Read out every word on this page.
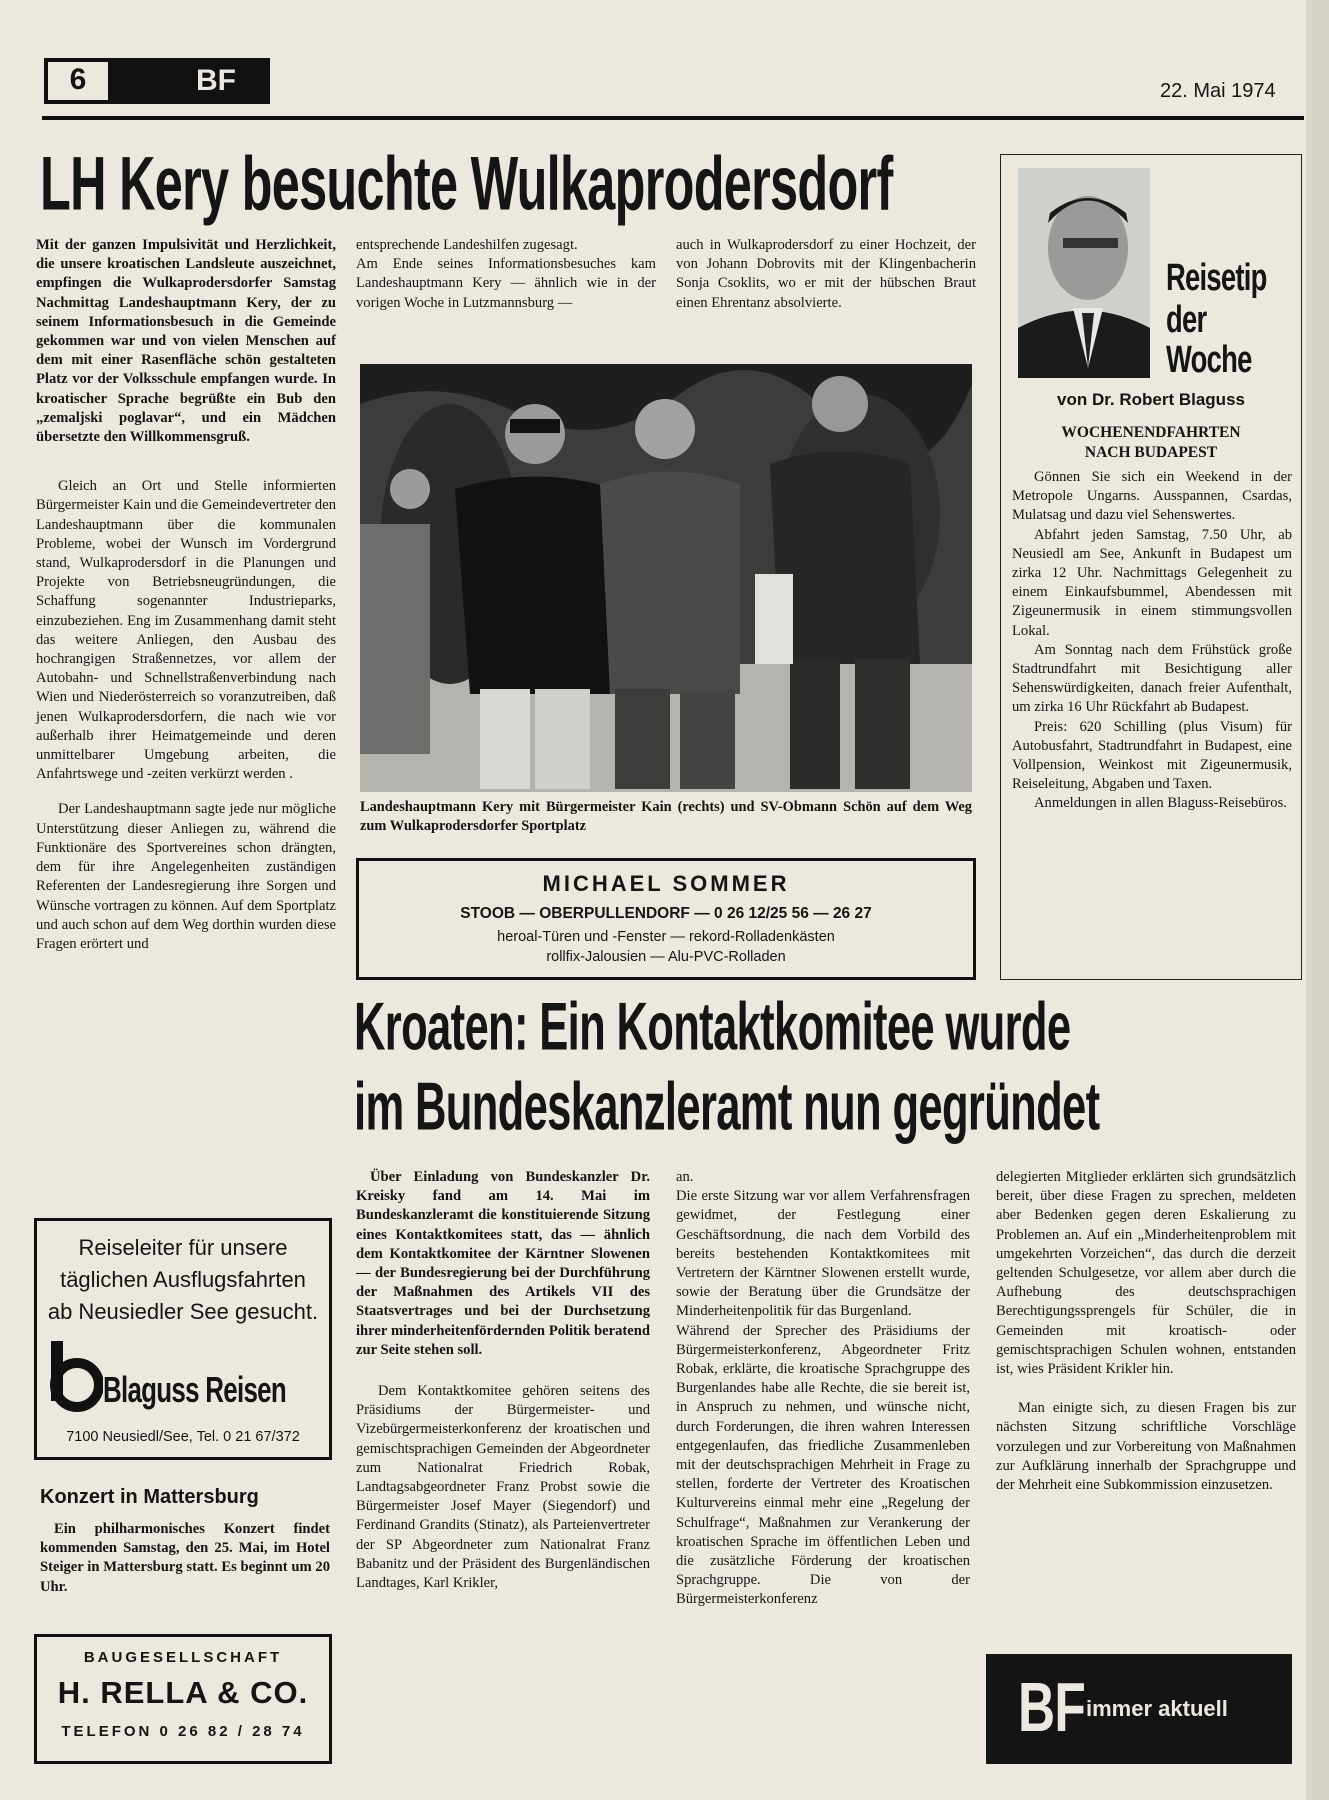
6	BF	22. Mai 1974
LH Kery besuchte Wulkaprodersdorf

Mit der ganzen Impulsivität und Herzlichkeit, die unsere kroatischen Landsleute auszeichnet, empfingen die Wulkaprodersdorfer Samstag Nachmittag Landeshauptmann Kery, der zu seinem Informationsbesuch in die Gemeinde gekommen war und von vielen Menschen auf dem mit einer Rasenfläche schön gestalteten Platz vor der Volksschule empfangen wurde. In kroatischer Sprache begrüßte ein Bub den „zemaljski poglavar“, und ein Mädchen übersetzte den Willkommensgruß.

Gleich an Ort und Stelle informierten Bürgermeister Kain und die Gemeindevertreter den Landeshauptmann über die kommunalen Probleme, wobei der Wunsch im Vordergrund stand, Wulkaprodersdorf in die Planungen und Projekte von Betriebsneugründungen, die Schaffung sogenannter Industrieparks, einzubeziehen. Eng im Zusammenhang damit steht das weitere Anliegen, den Ausbau des hochrangigen Straßennetzes, vor allem der Autobahn- und Schnellstraßenverbindung nach Wien und Niederösterreich so voranzutreiben, daß jenen Wulkaprodersdorfern, die nach wie vor außerhalb ihrer Heimatgemeinde und deren unmittelbarer Umgebung arbeiten, die Anfahrtswege und -zeiten verkürzt werden .

Der Landeshauptmann sagte jede nur mögliche Unterstützung dieser Anliegen zu, während die Funktionäre des Sportvereines schon drängten, dem für ihre Angelegenheiten zuständigen Referenten der Landesregierung ihre Sorgen und Wünsche vortragen zu können. Auf dem Sportplatz und auch schon auf dem Weg dorthin wurden diese Fragen erörtert und

entsprechende Landeshilfen zugesagt.
Am Ende seines Informationsbesuches kam Landeshauptmann Kery — ähnlich wie in der vorigen Woche in Lutzmannsburg —
auch in Wulkaprodersdorf zu einer Hochzeit, der von Johann Dobrovits mit der Klingenbacherin Sonja Csoklits, wo er mit der hübschen Braut einen Ehrentanz absolvierte.
Landeshauptmann Kery mit Bürgermeister Kain (rechts) und SV-Obmann Schön auf dem Weg zum Wulkaprodersdorfer Sportplatz
MICHAEL SOMMER
STOOB — OBERPULLENDORF — 0 26 12/25 56 — 26 27
heroal-Türen und -Fenster — rekord-Rolladenkästen
rollfix-Jalousien — Alu-PVC-Rolladen
Reisetip
der
Woche
von Dr. Robert Blaguss
WOCHENENDFAHRTEN
NACH BUDAPEST

Gönnen Sie sich ein Weekend in der Metropole Ungarns. Ausspannen, Csardas, Mulatsag und dazu viel Sehenswertes.

Abfahrt jeden Samstag, 7.50 Uhr, ab Neusiedl am See, Ankunft in Budapest um zirka 12 Uhr. Nachmittags Gelegenheit zu einem Einkaufsbummel, Abendessen mit Zigeunermusik in einem stimmungsvollen Lokal.

Am Sonntag nach dem Frühstück große Stadtrundfahrt mit Besichtigung aller Sehenswürdigkeiten, danach freier Aufenthalt, um zirka 16 Uhr Rückfahrt ab Budapest.

Preis: 620 Schilling (plus Visum) für Autobusfahrt, Stadtrundfahrt in Budapest, eine Vollpension, Weinkost mit Zigeunermusik, Reiseleitung, Abgaben und Taxen.

Anmeldungen in allen Blaguss-Reisebüros.

Kroaten: Ein Kontaktkomitee wurde
im Bundeskanzleramt nun gegründet

Über Einladung von Bundeskanzler Dr. Kreisky fand am 14. Mai im Bundeskanzleramt die konstituierende Sitzung eines Kontaktkomitees statt, das — ähnlich dem Kontaktkomitee der Kärntner Slowenen — der Bundesregierung bei der Durchführung der Maßnahmen des Artikels VII des Staatsvertrages und bei der Durchsetzung ihrer minderheitenfördernden Politik beratend zur Seite stehen soll.

Dem Kontaktkomitee gehören seitens des Präsidiums der Bürgermeister- und Vizebürgermeisterkonferenz der kroatischen und gemischtsprachigen Gemeinden der Abgeordneter zum Nationalrat Friedrich Robak, Landtagsabgeordneter Franz Probst sowie die Bürgermeister Josef Mayer (Siegendorf) und Ferdinand Grandits (Stinatz), als Parteienvertreter der SP Abgeordneter zum Nationalrat Franz Babanitz und der Präsident des Burgenländischen Landtages, Karl Krikler,

an.
Die erste Sitzung war vor allem Verfahrensfragen gewidmet, der Festlegung einer Geschäftsordnung, die nach dem Vorbild des bereits bestehenden Kontaktkomitees mit Vertretern der Kärntner Slowenen erstellt wurde, sowie der Beratung über die Grundsätze der Minderheitenpolitik für das Burgenland.
Während der Sprecher des Präsidiums der Bürgermeisterkonferenz, Abgeordneter Fritz Robak, erklärte, die kroatische Sprachgruppe des Burgenlandes habe alle Rechte, die sie bereit ist, in Anspruch zu nehmen, und wünsche nicht, durch Forderungen, die ihren wahren Interessen entgegenlaufen, das friedliche Zusammenleben mit der deutschsprachigen Mehrheit in Frage zu stellen, forderte der Vertreter des Kroatischen Kulturvereins einmal mehr eine „Regelung der Schulfrage“, Maßnahmen zur Verankerung der kroatischen Sprache im öffentlichen Leben und die zusätzliche Förderung der kroatischen Sprachgruppe. Die von der Bürgermeisterkonferenz

delegierten Mitglieder erklärten sich grundsätzlich bereit, über diese Fragen zu sprechen, meldeten aber Bedenken gegen deren Eskalierung zu Problemen an. Auf ein „Minderheitenproblem mit umgekehrten Vorzeichen“, das durch die derzeit geltenden Schulgesetze, vor allem aber durch die Aufhebung des deutschsprachigen Berechtigungssprengels für Schüler, die in Gemeinden mit kroatisch- oder gemischtsprachigen Schulen wohnen, entstanden ist, wies Präsident Krikler hin.

Man einigte sich, zu diesen Fragen bis zur nächsten Sitzung schriftliche Vorschläge vorzulegen und zur Vorbereitung von Maßnahmen zur Aufklärung innerhalb der Sprachgruppe und der Mehrheit eine Subkommission einzusetzen.

Reiseleiter für unsere
täglichen Ausflugsfahrten
ab Neusiedler See gesucht.
Blaguss Reisen
7100 Neusiedl/See, Tel. 0 21 67/372
Konzert in Mattersburg
Ein philharmonisches Konzert findet kommenden Samstag, den 25. Mai, im Hotel Steiger in Mattersburg statt. Es beginnt um 20 Uhr.
BAUGESELLSCHAFT
H. RELLA & CO.
TELEFON 0 26 82 / 28 74	BF immer aktuell
